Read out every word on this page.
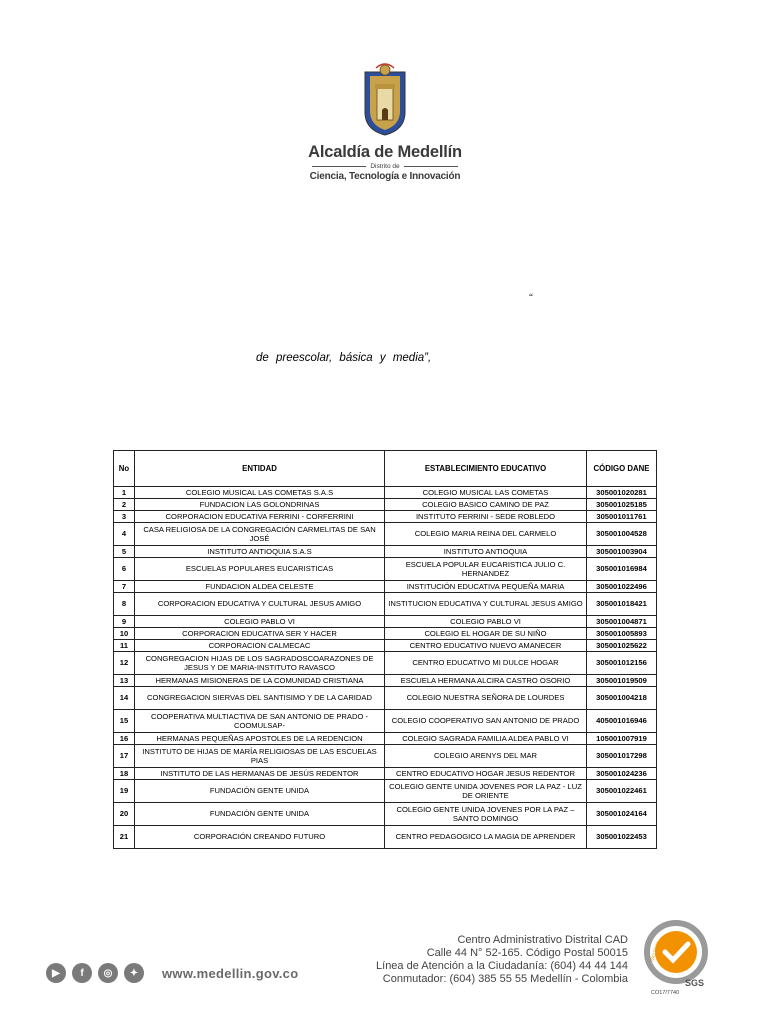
Alcaldía de Medellín
Distrito de
Ciencia, Tecnología e Innovación
“
de preescolar, básica y media”,
No	ENTIDAD	ESTABLECIMIENTO EDUCATIVO	CÓDIGO DANE
1	COLEGIO MUSICAL LAS COMETAS S.A.S	COLEGIO MUSICAL LAS COMETAS	305001020281
2	FUNDACION LAS GOLONDRINAS	COLEGIO BASICO CAMINO DE PAZ	305001025185
3	CORPORACION EDUCATIVA FERRINI - CORFERRINI	INSTITUTO FERRINI - SEDE ROBLEDO	305001011761
4	CASA RELIGIOSA DE LA CONGREGACIÓN CARMELITAS DE SAN JOSÉ	COLEGIO MARIA REINA DEL CARMELO	305001004528
5	INSTITUTO ANTIOQUIA S.A.S	INSTITUTO ANTIOQUIA	305001003904
6	ESCUELAS POPULARES EUCARISTICAS	ESCUELA POPULAR EUCARISTICA JULIO C. HERNANDEZ	305001016984
7	FUNDACION ALDEA CELESTE	INSTITUCIÓN EDUCATIVA PEQUEÑA MARIA	305001022496
8	CORPORACION EDUCATIVA Y CULTURAL JESUS AMIGO	INSTITUCION EDUCATIVA Y CULTURAL JESUS AMIGO	305001018421
9	COLEGIO PABLO VI	COLEGIO PABLO VI	305001004871
10	CORPORACION EDUCATIVA SER Y HACER	COLEGIO EL HOGAR DE SU NIÑO	305001005893
11	CORPORACION CALMECAC	CENTRO EDUCATIVO NUEVO AMANECER	305001025622
12	CONGREGACION HIJAS DE LOS SAGRADOSCOARAZONES DE JESUS Y DE MARIA-INSTITUTO RAVASCO	CENTRO EDUCATIVO MI DULCE HOGAR	305001012156
13	HERMANAS MISIONERAS DE LA COMUNIDAD CRISTIANA	ESCUELA HERMANA ALCIRA CASTRO OSORIO	305001019509
14	CONGREGACION SIERVAS DEL SANTISIMO Y DE LA CARIDAD	COLEGIO NUESTRA SEÑORA DE LOURDES	305001004218
15	COOPERATIVA MULTIACTIVA DE SAN ANTONIO DE PRADO - COOMULSAP-	COLEGIO COOPERATIVO SAN ANTONIO DE PRADO	405001016946
16	HERMANAS PEQUEÑAS APOSTOLES DE LA REDENCION	COLEGIO SAGRADA FAMILIA ALDEA PABLO VI	105001007919
17	INSTITUTO DE HIJAS DE MARÍA RELIGIOSAS DE LAS ESCUELAS PIAS	COLEGIO ARENYS DEL MAR	305001017298
18	INSTITUTO DE LAS HERMANAS DE JESÚS REDENTOR	CENTRO EDUCATIVO HOGAR JESUS REDENTOR	305001024236
19	FUNDACIÓN GENTE UNIDA	COLEGIO GENTE UNIDA JOVENES POR LA PAZ - LUZ DE ORIENTE	305001022461
20	FUNDACIÓN GENTE UNIDA	COLEGIO GENTE UNIDA JOVENES POR LA PAZ – SANTO DOMINGO	305001024164
21	CORPORACIÓN CREANDO FUTURO	CENTRO PEDAGOGICO LA MAGIA DE APRENDER	305001022453
▶	f	◎	✦	www.medellin.gov.co
Centro Administrativo Distrital CAD
Calle 44 N° 52-165. Código Postal 50015
Línea de Atención a la Ciudadanía: (604) 44 44 144
Conmutador: (604) 385 55 55 Medellín - Colombia
ISO 9001
SGS
CO17/7740
